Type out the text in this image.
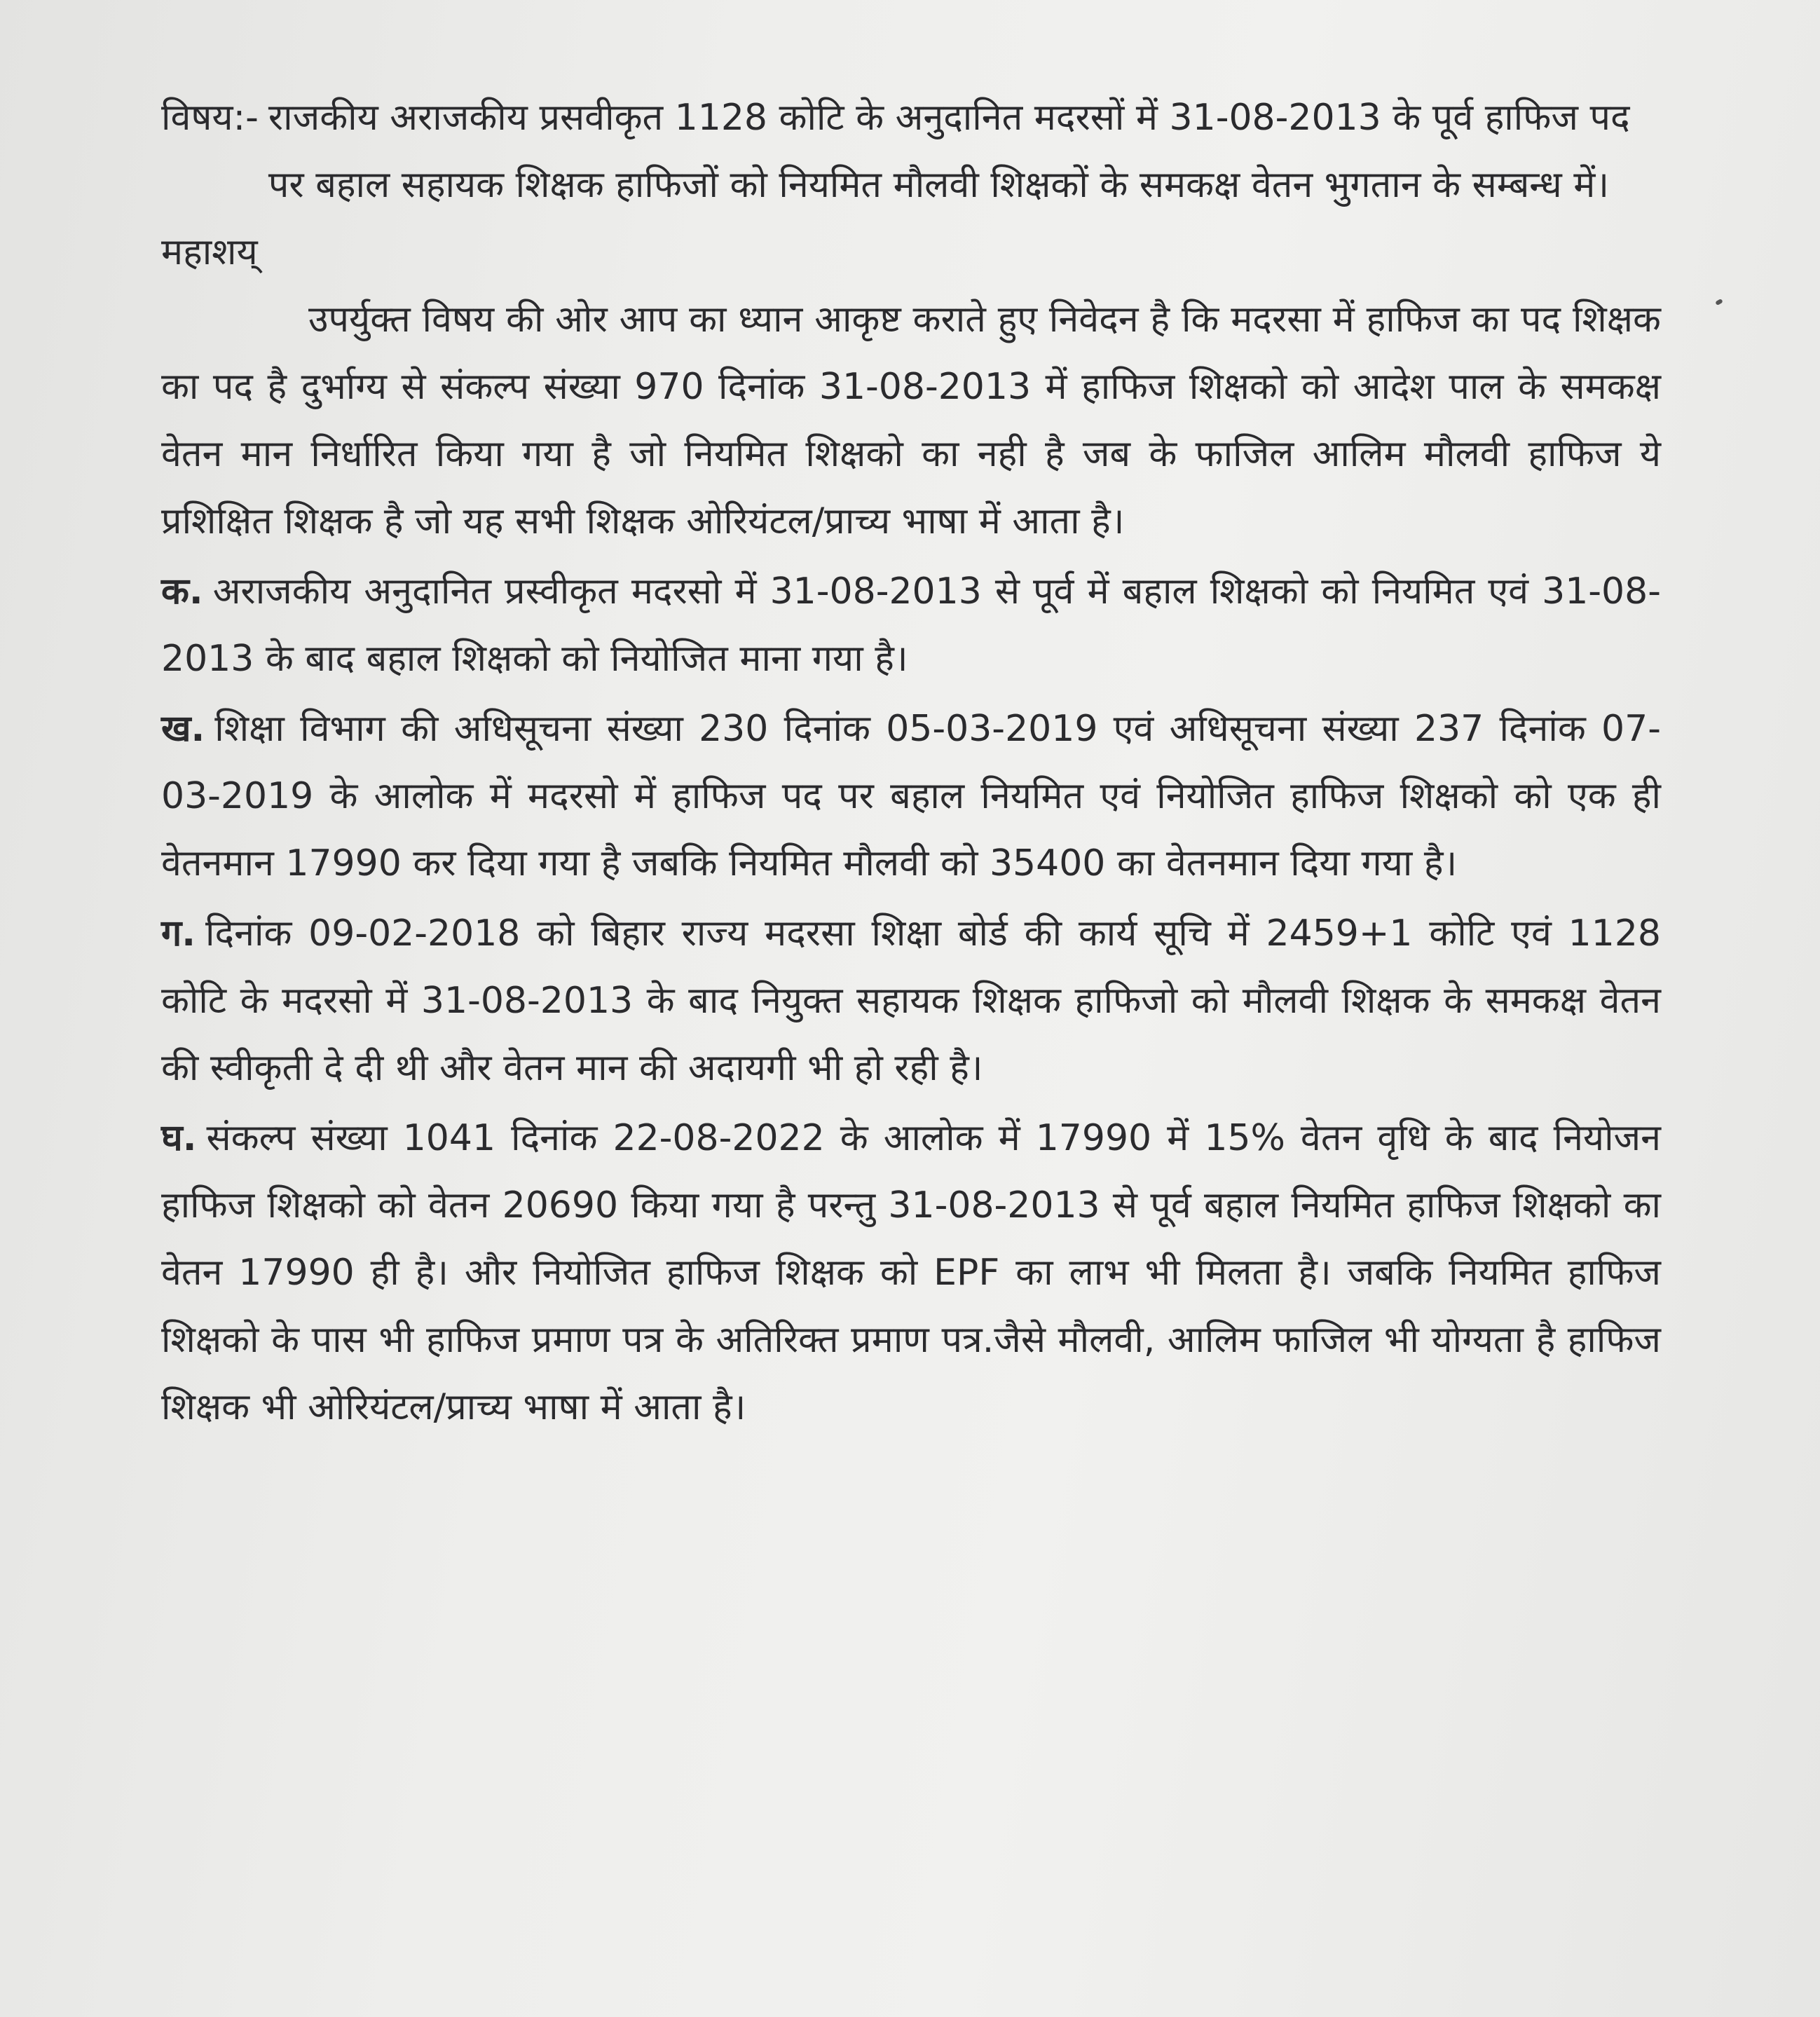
विषय:- राजकीय अराजकीय प्रसवीकृत 1128 कोटि के अनुदानित मदरसों में 31-08-2013 के पूर्व हाफिज पद पर बहाल सहायक शिक्षक हाफिजों को नियमित मौलवी शिक्षकों के समकक्ष वेतन भुगतान के सम्बन्ध में।

महाशय्

उपर्युक्त विषय की ओर आप का ध्यान आकृष्ट कराते हुए निवेदन है कि मदरसा में हाफिज का पद शिक्षक का पद है दुर्भाग्य से संकल्प संख्या 970 दिनांक 31-08-2013 में हाफिज शिक्षको को आदेश पाल के समकक्ष वेतन मान निर्धारित किया गया है जो नियमित शिक्षको का नही है जब के फाजिल आलिम मौलवी हाफिज ये प्रशिक्षित शिक्षक है जो यह सभी शिक्षक ओरियंटल/प्राच्य भाषा में आता है।

क. अराजकीय अनुदानित प्रस्वीकृत मदरसो में 31-08-2013 से पूर्व में बहाल शिक्षको को नियमित एवं 31-08-2013 के बाद बहाल शिक्षको को नियोजित माना गया है।

ख. शिक्षा विभाग की अधिसूचना संख्या 230 दिनांक 05-03-2019 एवं अधिसूचना संख्या 237 दिनांक 07-03-2019 के आलोक में मदरसो में हाफिज पद पर बहाल नियमित एवं नियोजित हाफिज शिक्षको को एक ही वेतनमान 17990 कर दिया गया है जबकि नियमित मौलवी को 35400 का वेतनमान दिया गया है।

ग. दिनांक 09-02-2018 को बिहार राज्य मदरसा शिक्षा बोर्ड की कार्य सूचि में 2459+1 कोटि एवं 1128 कोटि के मदरसो में 31-08-2013 के बाद नियुक्त सहायक शिक्षक हाफिजो को मौलवी शिक्षक के समकक्ष वेतन की स्वीकृती दे दी थी और वेतन मान की अदायगी भी हो रही है।

घ. संकल्प संख्या 1041 दिनांक 22-08-2022 के आलोक में 17990 में 15% वेतन वृधि के बाद नियोजन हाफिज शिक्षको को वेतन 20690 किया गया है परन्तु 31-08-2013 से पूर्व बहाल नियमित हाफिज शिक्षको का वेतन 17990 ही है। और नियोजित हाफिज शिक्षक को EPF का लाभ भी मिलता है। जबकि नियमित हाफिज शिक्षको के पास भी हाफिज प्रमाण पत्र के अतिरिक्त प्रमाण पत्र.जैसे मौलवी, आलिम फाजिल भी योग्यता है हाफिज शिक्षक भी ओरियंटल/प्राच्य भाषा में आता है।
